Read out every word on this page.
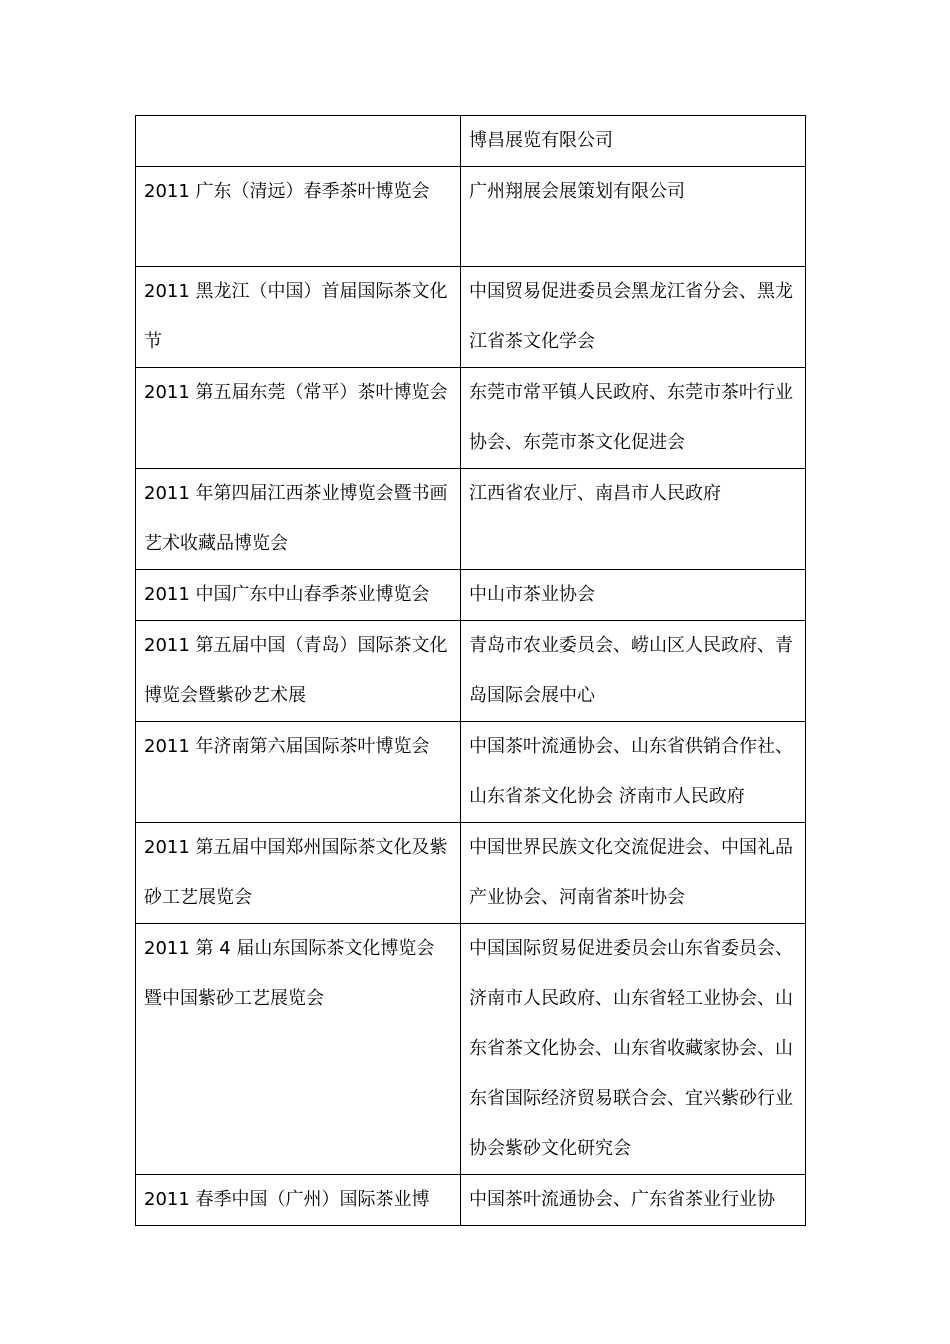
	博昌展览有限公司

2011 广东（清远）春季茶叶博览会	广州翔展会展策划有限公司

2011 黑龙江（中国）首届国际茶文化节	中国贸易促进委员会黑龙江省分会、黑龙江省茶文化学会

2011 第五届东莞（常平）茶叶博览会	东莞市常平镇人民政府、东莞市茶叶行业协会、东莞市茶文化促进会

2011 年第四届江西茶业博览会暨书画艺术收藏品博览会	江西省农业厅、南昌市人民政府

2011 中国广东中山春季茶业博览会	中山市茶业协会

2011 第五届中国（青岛）国际茶文化博览会暨紫砂艺术展	青岛市农业委员会、崂山区人民政府、青岛国际会展中心

2011 年济南第六届国际茶叶博览会	中国茶叶流通协会、山东省供销合作社、山东省茶文化协会 济南市人民政府

2011 第五届中国郑州国际茶文化及紫砂工艺展览会	中国世界民族文化交流促进会、中国礼品产业协会、河南省茶叶协会

2011 第 4 届山东国际茶文化博览会暨中国紫砂工艺展览会	中国国际贸易促进委员会山东省委员会、济南市人民政府、山东省轻工业协会、山东省茶文化协会、山东省收藏家协会、山东省国际经济贸易联合会、宜兴紫砂行业协会紫砂文化研究会

2011 春季中国（广州）国际茶业博	中国茶叶流通协会、广东省茶业行业协
